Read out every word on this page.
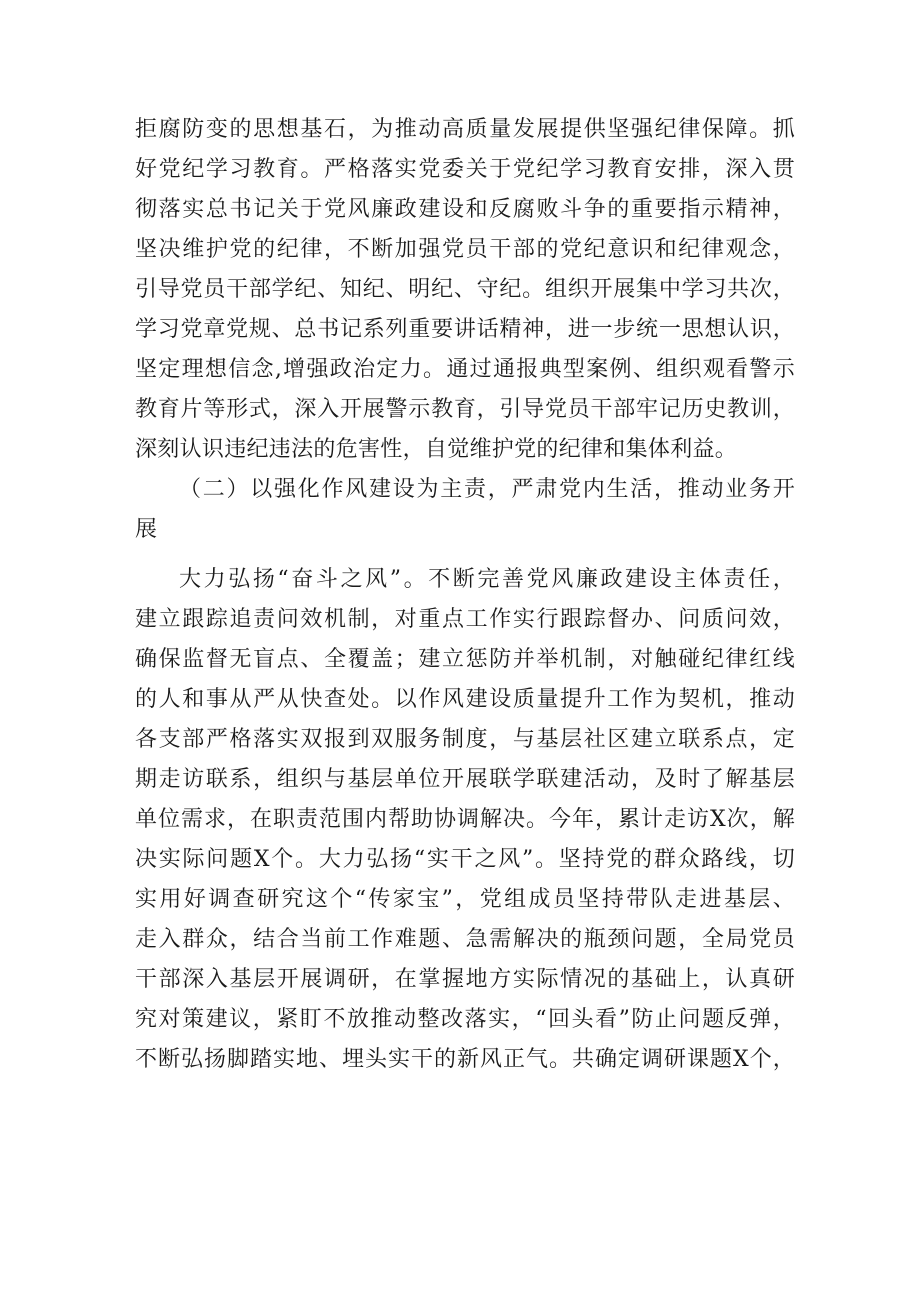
拒腐防变的思想基石，为推动高质量发展提供坚强纪律保障。抓
好党纪学习教育。严格落实党委关于党纪学习教育安排，深入贯
彻落实总书记关于党风廉政建设和反腐败斗争的重要指示精神，
坚决维护党的纪律，不断加强党员干部的党纪意识和纪律观念，
引导党员干部学纪、知纪、明纪、守纪。组织开展集中学习共次，
学习党章党规、总书记系列重要讲话精神，进一步统一思想认识，
坚定理想信念,增强政治定力。通过通报典型案例、组织观看警示
教育片等形式，深入开展警示教育，引导党员干部牢记历史教训，
深刻认识违纪违法的危害性，自觉维护党的纪律和集体利益。
（二）以强化作风建设为主责，严肃党内生活，推动业务开
展
大力弘扬“奋斗之风”。不断完善党风廉政建设主体责任，
建立跟踪追责问效机制，对重点工作实行跟踪督办、问质问效，
确保监督无盲点、全覆盖；建立惩防并举机制，对触碰纪律红线
的人和事从严从快查处。以作风建设质量提升工作为契机，推动
各支部严格落实双报到双服务制度，与基层社区建立联系点，定
期走访联系，组织与基层单位开展联学联建活动，及时了解基层
单位需求，在职责范围内帮助协调解决。今年，累计走访X次，解
决实际问题X个。大力弘扬“实干之风”。坚持党的群众路线，切
实用好调查研究这个“传家宝”，党组成员坚持带队走进基层、
走入群众，结合当前工作难题、急需解决的瓶颈问题，全局党员
干部深入基层开展调研，在掌握地方实际情况的基础上，认真研
究对策建议，紧盯不放推动整改落实，“回头看”防止问题反弹，
不断弘扬脚踏实地、埋头实干的新风正气。共确定调研课题X个，
